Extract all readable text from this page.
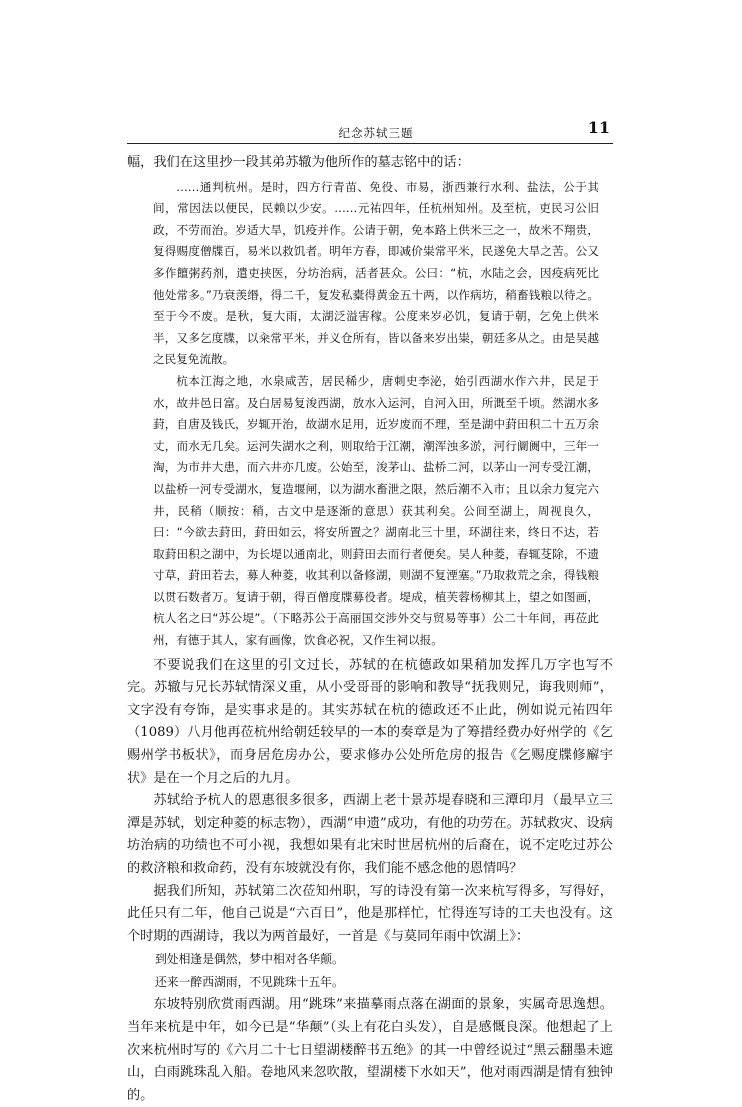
纪念苏轼三题	11

幅，我们在这里抄一段其弟苏辙为他所作的墓志铭中的话：

……通判杭州。是时，四方行青苗、免役、市易，浙西兼行水利、盐法，公于其间，常因法以便民，民赖以少安。……元祐四年，任杭州知州。及至杭，吏民习公旧政，不劳而治。岁适大旱，饥疫并作。公请于朝，免本路上供米三之一，故米不翔贵，复得赐度僧牒百，易米以救饥者。明年方春，即减价粜常平米，民遂免大旱之苦。公又多作饘粥药剂，遣吏挟医，分坊治病，活者甚众。公曰：“杭，水陆之会，因疫病死比他处常多。”乃衰羡缗，得二千，复发私橐得黄金五十两，以作病坊，稍畜钱粮以待之。至于今不废。是秋，复大雨，太湖泛溢害稼。公度来岁必饥，复请于朝，乞免上供米半，又多乞度牒，以籴常平米，并义仓所有，皆以备来岁出粜，朝廷多从之。由是吴越之民复免流散。

杭本江海之地，水泉咸苦，居民稀少，唐刺史李泌，始引西湖水作六井，民足于水，故井邑日富。及白居易复浚西湖，放水入运河，自河入田，所溉至千顷。然湖水多葑，自唐及钱氏，岁辄开治，故湖水足用，近岁废而不理，至是湖中葑田积二十五万余丈，而水无几矣。运河失湖水之利，则取给于江潮，潮浑浊多淤，河行阛阓中，三年一淘，为市井大患，而六井亦几废。公始至，浚茅山、盐桥二河，以茅山一河专受江潮，以盐桥一河专受湖水，复造堰闸，以为湖水畜泄之限，然后潮不入市；且以余力复完六井，民稍（顺按：稍，古文中是逐渐的意思）获其利矣。公间至湖上，周视良久，曰：“今欲去葑田，葑田如云，将安所置之？湖南北三十里，环湖往来，终日不达，若取葑田积之湖中，为长堤以通南北，则葑田去而行者便矣。吴人种菱，春辄芟除，不遗寸草，葑田若去，募人种菱，收其利以备修湖，则湖不复湮塞。”乃取救荒之余，得钱粮以贯石数者万。复请于朝，得百僧度牒募役者。堤成，植芙蓉杨柳其上，望之如图画，杭人名之曰“苏公堤”。（下略苏公于高丽国交涉外交与贸易等事）公二十年间，再莅此州，有德于其人，家有画像，饮食必祝，又作生祠以报。

不要说我们在这里的引文过长，苏轼的在杭德政如果稍加发挥几万字也写不完。苏辙与兄长苏轼情深义重，从小受哥哥的影响和教导“抚我则兄，诲我则师”，文字没有夸饰，是实事求是的。其实苏轼在杭的德政还不止此，例如说元祐四年（1089）八月他再莅杭州给朝廷较早的一本的奏章是为了筹措经费办好州学的《乞赐州学书板状》，而身居危房办公，要求修办公处所危房的报告《乞赐度牒修廨宇状》是在一个月之后的九月。

苏轼给予杭人的恩惠很多很多，西湖上老十景苏堤春晓和三潭印月（最早立三潭是苏轼，划定种菱的标志物），西湖“申遗”成功，有他的功劳在。苏轼救灾、设病坊治病的功绩也不可小视，我想如果有北宋时世居杭州的后裔在，说不定吃过苏公的救济粮和救命药，没有东坡就没有你，我们能不感念他的恩情吗？

据我们所知，苏轼第二次莅知州职，写的诗没有第一次来杭写得多，写得好，此任只有二年，他自己说是“六百日”，他是那样忙，忙得连写诗的工夫也没有。这个时期的西湖诗，我以为两首最好，一首是《与莫同年雨中饮湖上》：

到处相逢是偶然，梦中相对各华颠。

还来一醉西湖雨，不见跳珠十五年。

东坡特别欣赏雨西湖。用“跳珠”来描摹雨点落在湖面的景象，实属奇思逸想。当年来杭是中年，如今已是“华颠”（头上有花白头发），自是感慨良深。他想起了上次来杭州时写的《六月二十七日望湖楼醉书五绝》的其一中曾经说过“黑云翻墨未遮山，白雨跳珠乱入船。卷地风来忽吹散，望湖楼下水如天”，他对雨西湖是情有独钟的。
